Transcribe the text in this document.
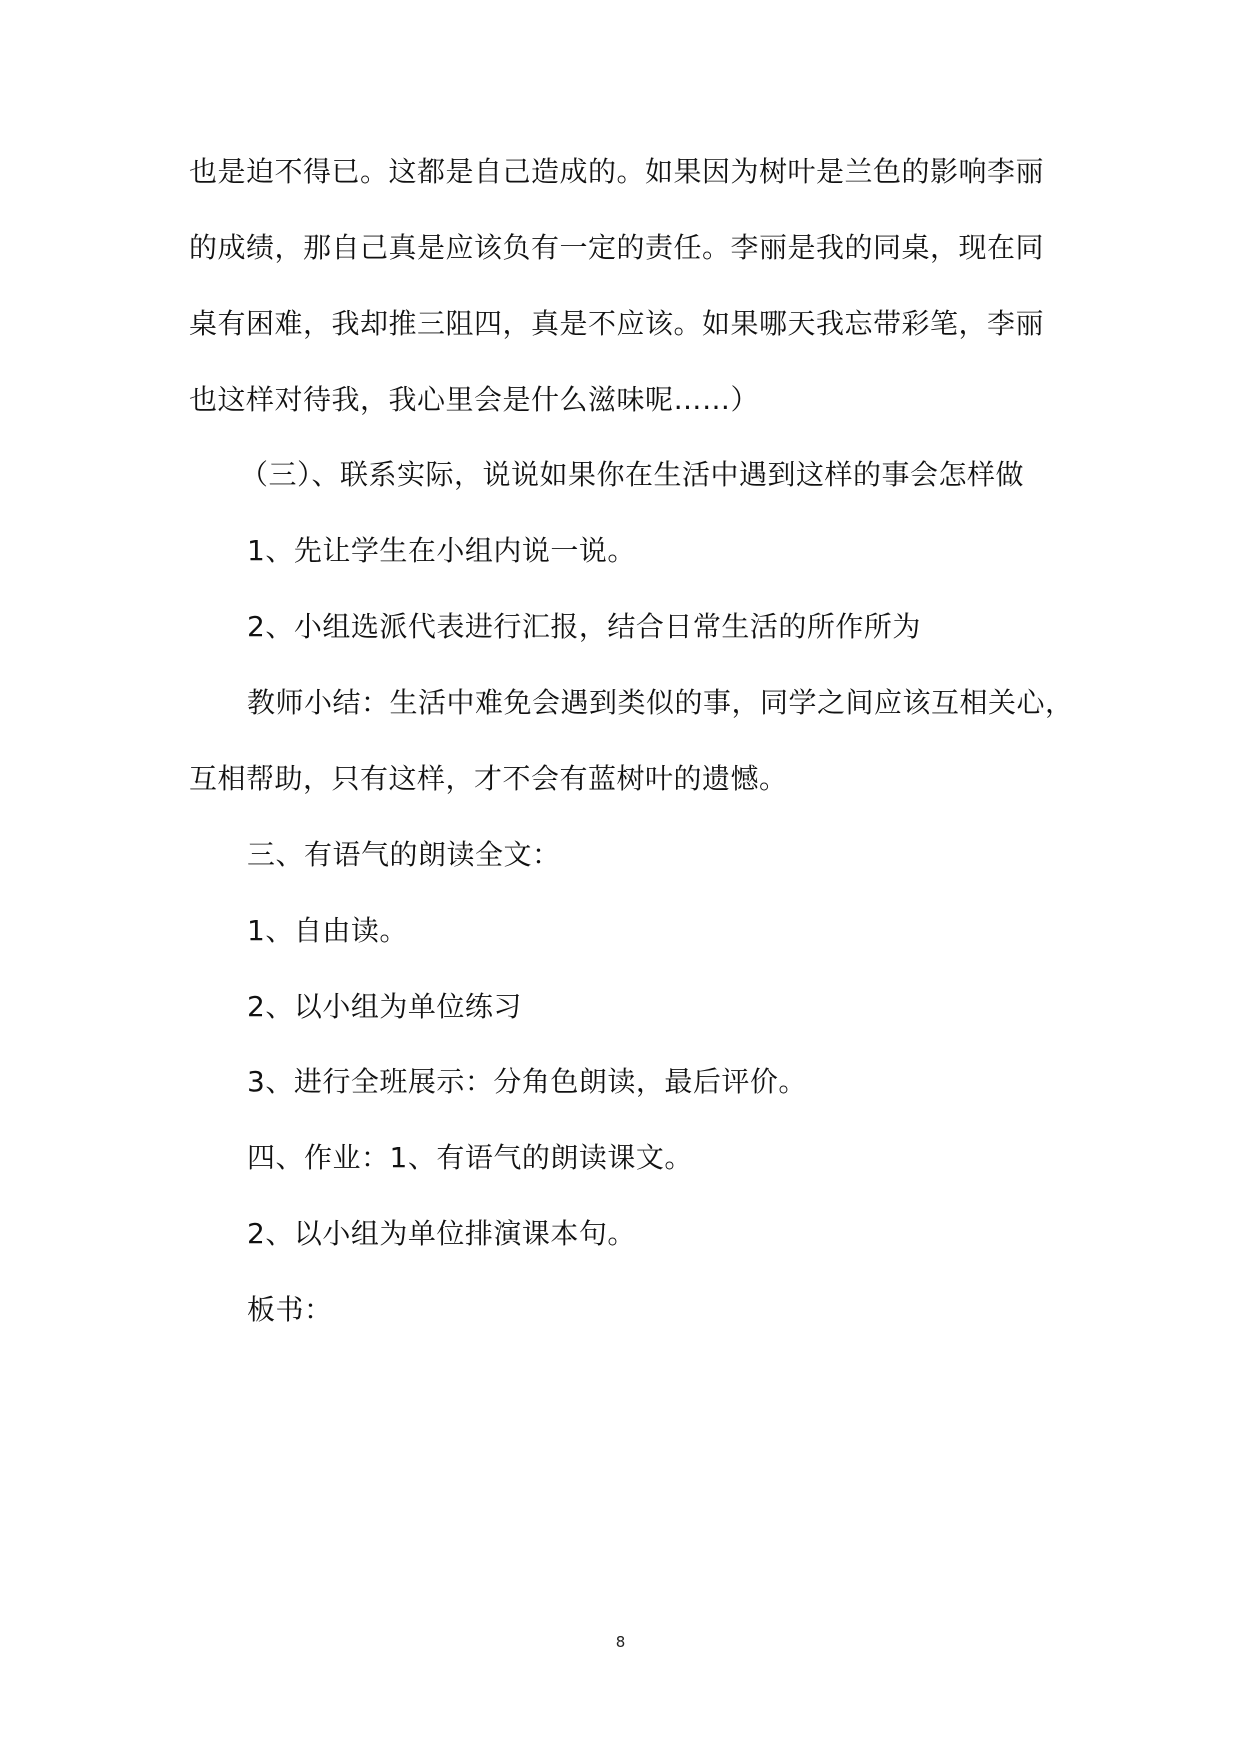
也是迫不得已。这都是自己造成的。如果因为树叶是兰色的影响李丽
的成绩，那自己真是应该负有一定的责任。李丽是我的同桌，现在同
桌有困难，我却推三阻四，真是不应该。如果哪天我忘带彩笔，李丽
也这样对待我，我心里会是什么滋味呢……）
（三）、联系实际，说说如果你在生活中遇到这样的事会怎样做
1、先让学生在小组内说一说。
2、小组选派代表进行汇报，结合日常生活的所作所为
教师小结：生活中难免会遇到类似的事，同学之间应该互相关心，
互相帮助，只有这样，才不会有蓝树叶的遗憾。
三、有语气的朗读全文：
1、自由读。
2、以小组为单位练习
3、进行全班展示：分角色朗读，最后评价。
四、作业：1、有语气的朗读课文。
2、以小组为单位排演课本句。
板书：
8
